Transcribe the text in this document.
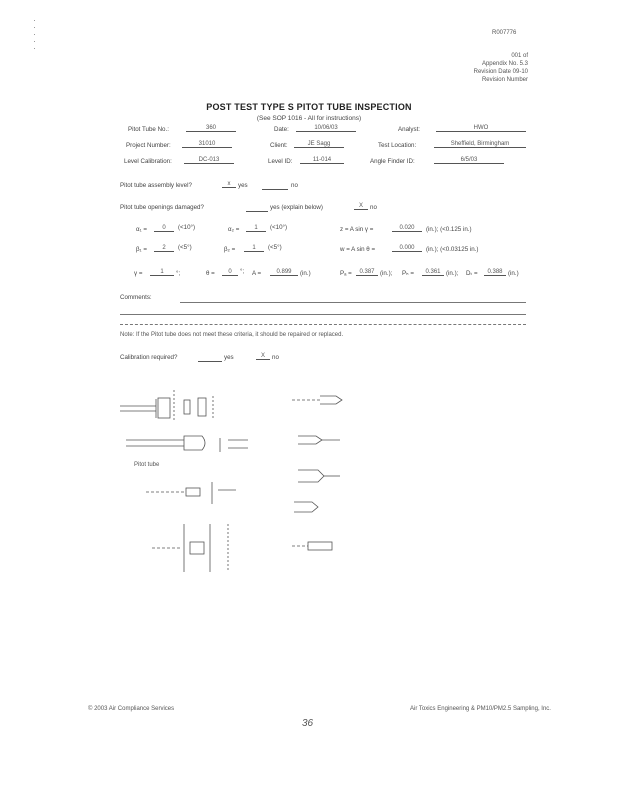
R007776
001 of
Appendix No. 5.3
Revision Date 09-10
Revision Number
POST TEST TYPE S PITOT TUBE INSPECTION
(See SOP 1016 - All for instructions)
Pitot Tube No.:	360	Date:	10/06/03	Analyst:	HWO
Project Number:	31010	Client:	JE Sagg	Test Location:	Sheffield, Birmingham
Level Calibration:	DC-013	Level ID:	11-014	Angle Finder ID:	6/5/03
Pitot tube assembly level?	x	yes	no
Pitot tube openings damaged?	yes (explain below)	X	no
α₁ =	0	(<10°)	α₂ =	1	(<10°)	z = A sin γ =	0.020	(in.); (<0.125 in.)
β₁ =	2	(<5°)	β₂ =	1	(<5°)	w = A sin θ =	0.000	(in.); (<0.03125 in.)
γ =	1	°;	θ =	0	°; A =	0.899	(in.)	Pₐ =	0.387 (in.); Pₕ =	0.361 (in.); Dₜ =	0.388 (in.)
Comments:
Note: If the Pitot tube does not meet these criteria, it should be repaired or replaced.
Calibration required?	yes	X	no
Pitot tube
© 2003 Air Compliance Services
36
Air Toxics Engineering & PM10/PM2.5 Sampling, Inc.
